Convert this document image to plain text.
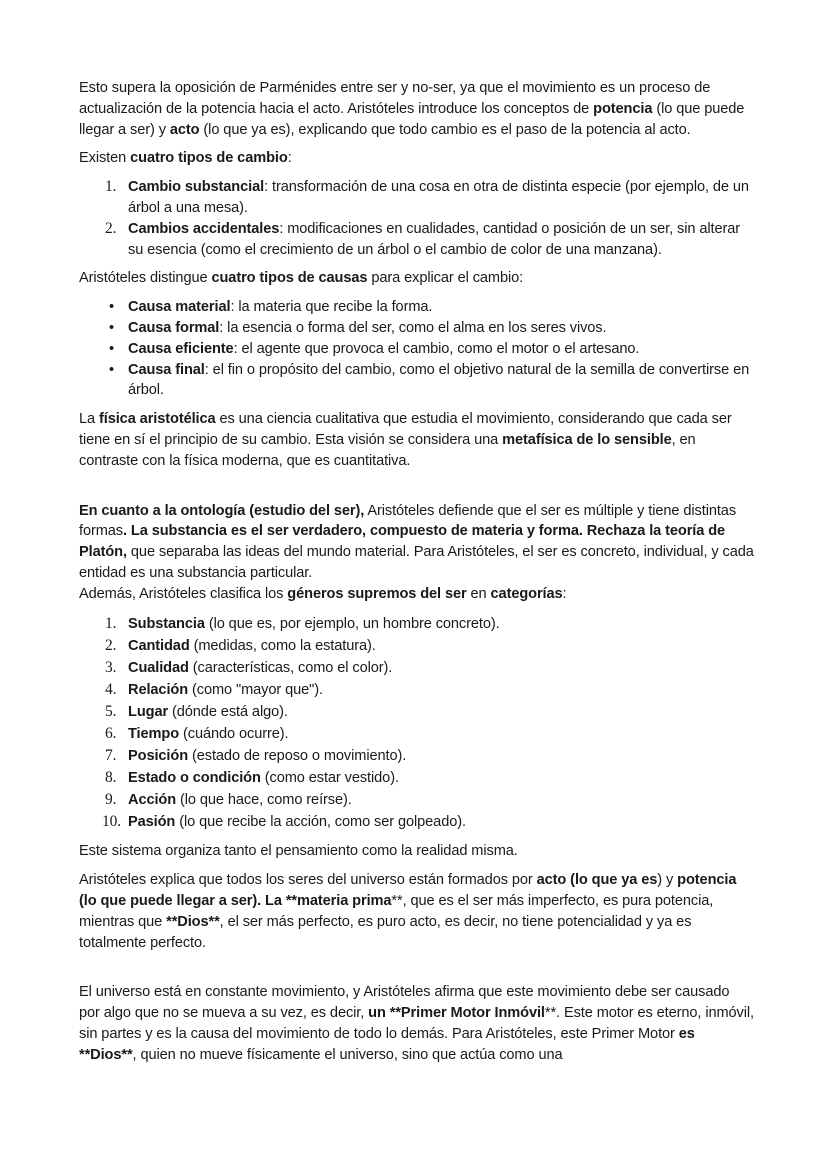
Esto supera la oposición de Parménides entre ser y no-ser, ya que el movimiento es un proceso de actualización de la potencia hacia el acto. Aristóteles introduce los conceptos de potencia (lo que puede llegar a ser) y acto (lo que ya es), explicando que todo cambio es el paso de la potencia al acto.

Existen cuatro tipos de cambio:

1. Cambio substancial: transformación de una cosa en otra de distinta especie (por ejemplo, de un árbol a una mesa).
2. Cambios accidentales: modificaciones en cualidades, cantidad o posición de un ser, sin alterar su esencia (como el crecimiento de un árbol o el cambio de color de una manzana).

Aristóteles distingue cuatro tipos de causas para explicar el cambio:

• Causa material: la materia que recibe la forma.
• Causa formal: la esencia o forma del ser, como el alma en los seres vivos.
• Causa eficiente: el agente que provoca el cambio, como el motor o el artesano.
• Causa final: el fin o propósito del cambio, como el objetivo natural de la semilla de convertirse en árbol.

La física aristotélica es una ciencia cualitativa que estudia el movimiento, considerando que cada ser tiene en sí el principio de su cambio. Esta visión se considera una metafísica de lo sensible, en contraste con la física moderna, que es cuantitativa.

En cuanto a la ontología (estudio del ser), Aristóteles defiende que el ser es múltiple y tiene distintas formas. La substancia es el ser verdadero, compuesto de materia y forma. Rechaza la teoría de Platón, que separaba las ideas del mundo material. Para Aristóteles, el ser es concreto, individual, y cada entidad es una substancia particular.
Además, Aristóteles clasifica los géneros supremos del ser en categorías:

1. Substancia (lo que es, por ejemplo, un hombre concreto).
2. Cantidad (medidas, como la estatura).
3. Cualidad (características, como el color).
4. Relación (como "mayor que").
5. Lugar (dónde está algo).
6. Tiempo (cuándo ocurre).
7. Posición (estado de reposo o movimiento).
8. Estado o condición (como estar vestido).
9. Acción (lo que hace, como reírse).
10. Pasión (lo que recibe la acción, como ser golpeado).

Este sistema organiza tanto el pensamiento como la realidad misma.

Aristóteles explica que todos los seres del universo están formados por acto (lo que ya es) y potencia (lo que puede llegar a ser). La **materia prima**, que es el ser más imperfecto, es pura potencia, mientras que **Dios**, el ser más perfecto, es puro acto, es decir, no tiene potencialidad y ya es totalmente perfecto.

El universo está en constante movimiento, y Aristóteles afirma que este movimiento debe ser causado por algo que no se mueva a su vez, es decir, un **Primer Motor Inmóvil**. Este motor es eterno, inmóvil, sin partes y es la causa del movimiento de todo lo demás. Para Aristóteles, este Primer Motor es **Dios**, quien no mueve físicamente el universo, sino que actúa como una
